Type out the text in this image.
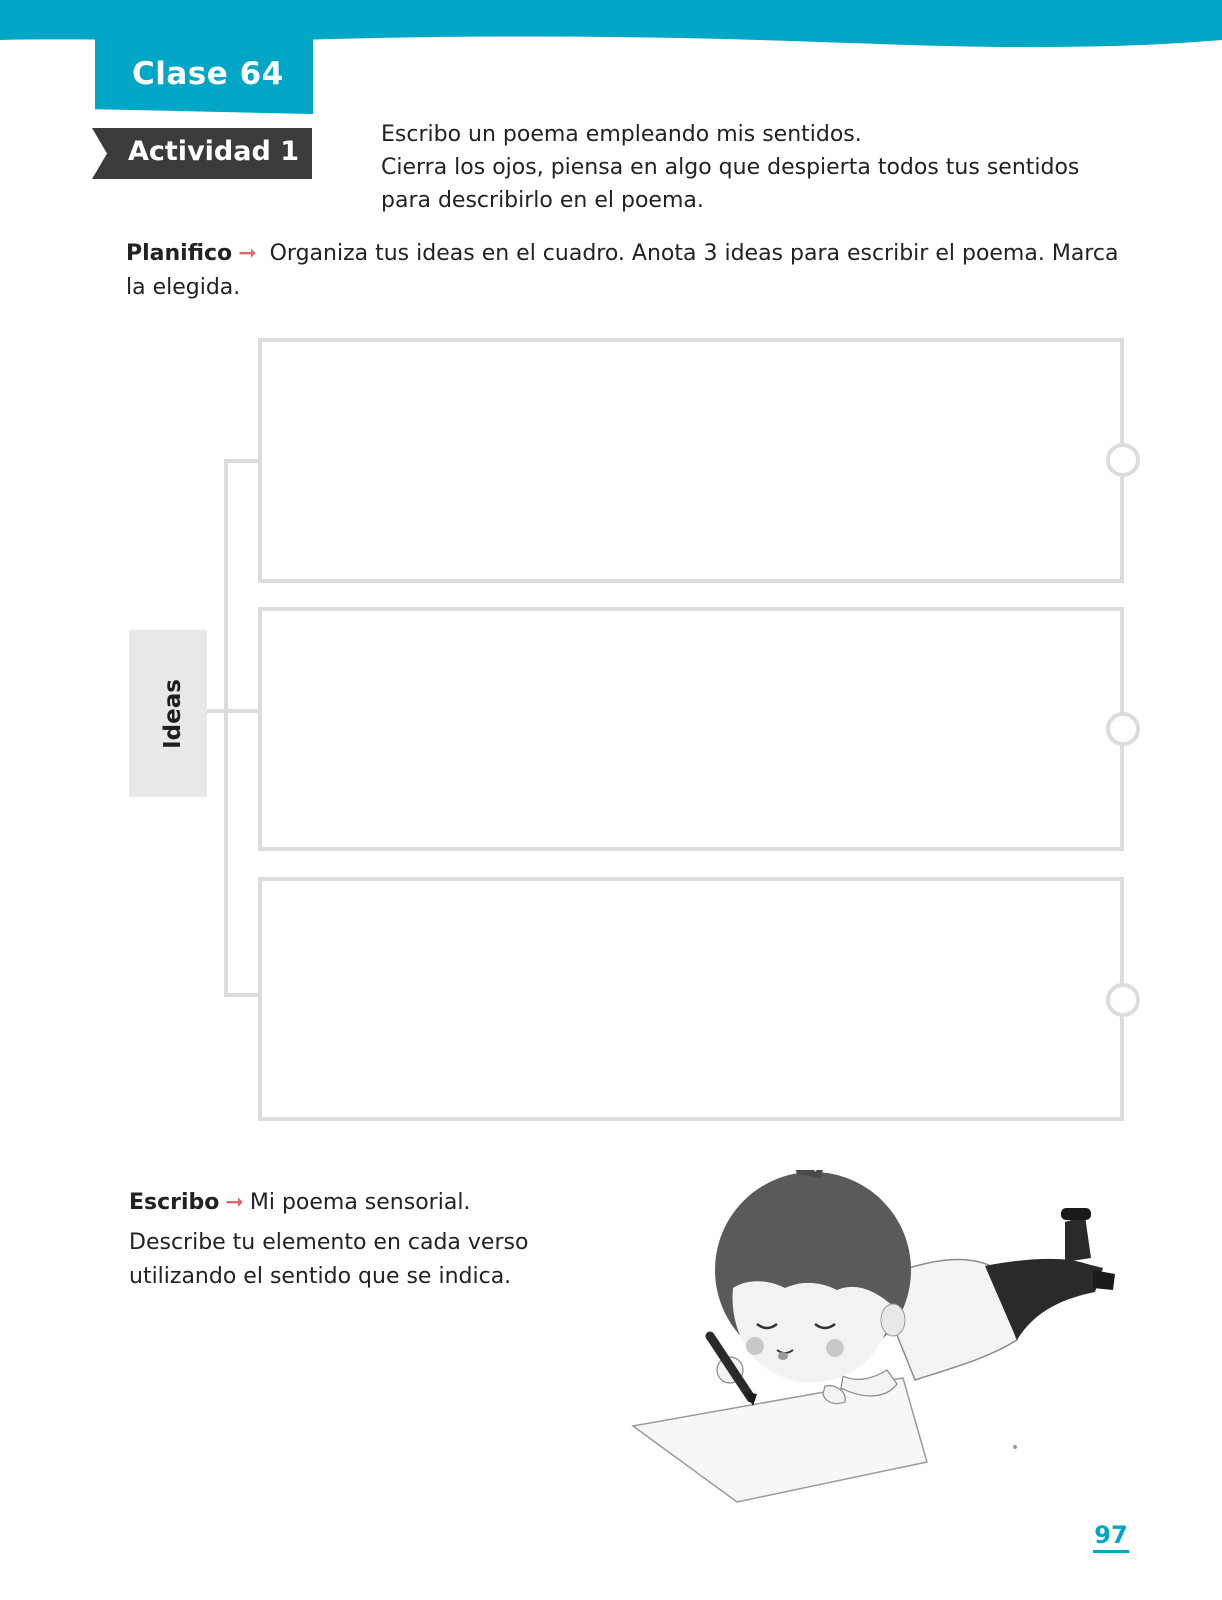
Clase 64
Actividad 1
Escribo un poema empleando mis sentidos.
Cierra los ojos, piensa en algo que despierta todos tus sentidos
para describirlo en el poema.
Planifico ➞ Organiza tus ideas en el cuadro. Anota 3 ideas para escribir el poema. Marca la elegida.
Ideas
Escribo ➞ Mi poema sensorial.
Describe tu elemento en cada verso utilizando el sentido que se indica.
97
